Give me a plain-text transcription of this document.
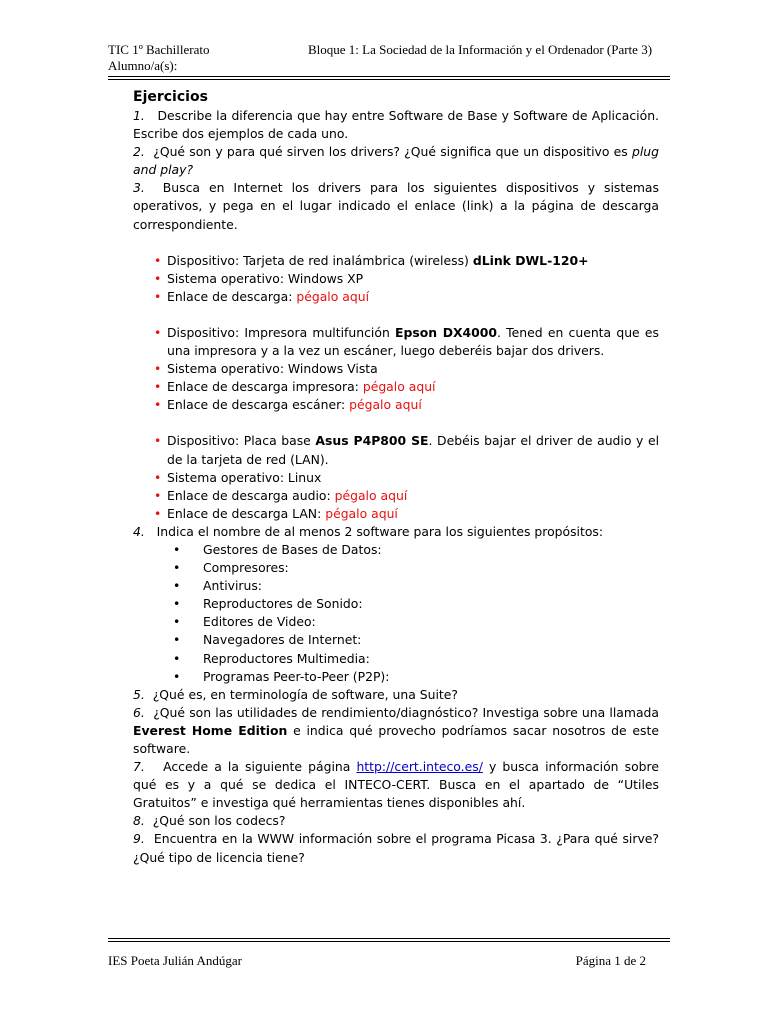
TIC 1º Bachillerato
Alumno/a(s):
Bloque 1: La Sociedad de la Información y el Ordenador (Parte 3)
Ejercicios

1. Describe la diferencia que hay entre Software de Base y Software de Aplicación. Escribe dos ejemplos de cada uno.

2. ¿Qué son y para qué sirven los drivers? ¿Qué significa que un dispositivo es plug and play?

3. Busca en Internet los drivers para los siguientes dispositivos y sistemas operativos, y pega en el lugar indicado el enlace (link) a la página de descarga correspondiente.

• Dispositivo: Tarjeta de red inalámbrica (wireless) dLink DWL-120+
• Sistema operativo: Windows XP
• Enlace de descarga: pégalo aquí
• Dispositivo: Impresora multifunción Epson DX4000. Tened en cuenta que es una impresora y a la vez un escáner, luego deberéis bajar dos drivers.
• Sistema operativo: Windows Vista
• Enlace de descarga impresora: pégalo aquí
• Enlace de descarga escáner: pégalo aquí
• Dispositivo: Placa base Asus P4P800 SE. Debéis bajar el driver de audio y el de la tarjeta de red (LAN).
• Sistema operativo: Linux
• Enlace de descarga audio: pégalo aquí
• Enlace de descarga LAN: pégalo aquí

4. Indica el nombre de al menos 2 software para los siguientes propósitos:

• Gestores de Bases de Datos:
• Compresores:
• Antivirus:
• Reproductores de Sonido:
• Editores de Video:
• Navegadores de Internet:
• Reproductores Multimedia:
• Programas Peer-to-Peer (P2P):

5. ¿Qué es, en terminología de software, una Suite?

6. ¿Qué son las utilidades de rendimiento/diagnóstico? Investiga sobre una llamada Everest Home Edition e indica qué provecho podríamos sacar nosotros de este software.

7. Accede a la siguiente página http://cert.inteco.es/ y busca información sobre qué es y a qué se dedica el INTECO-CERT. Busca en el apartado de “Utiles Gratuitos” e investiga qué herramientas tienes disponibles ahí.

8. ¿Qué son los codecs?

9. Encuentra en la WWW información sobre el programa Picasa 3. ¿Para qué sirve? ¿Qué tipo de licencia tiene?

IES Poeta Julián Andúgar	Página 1 de 2
